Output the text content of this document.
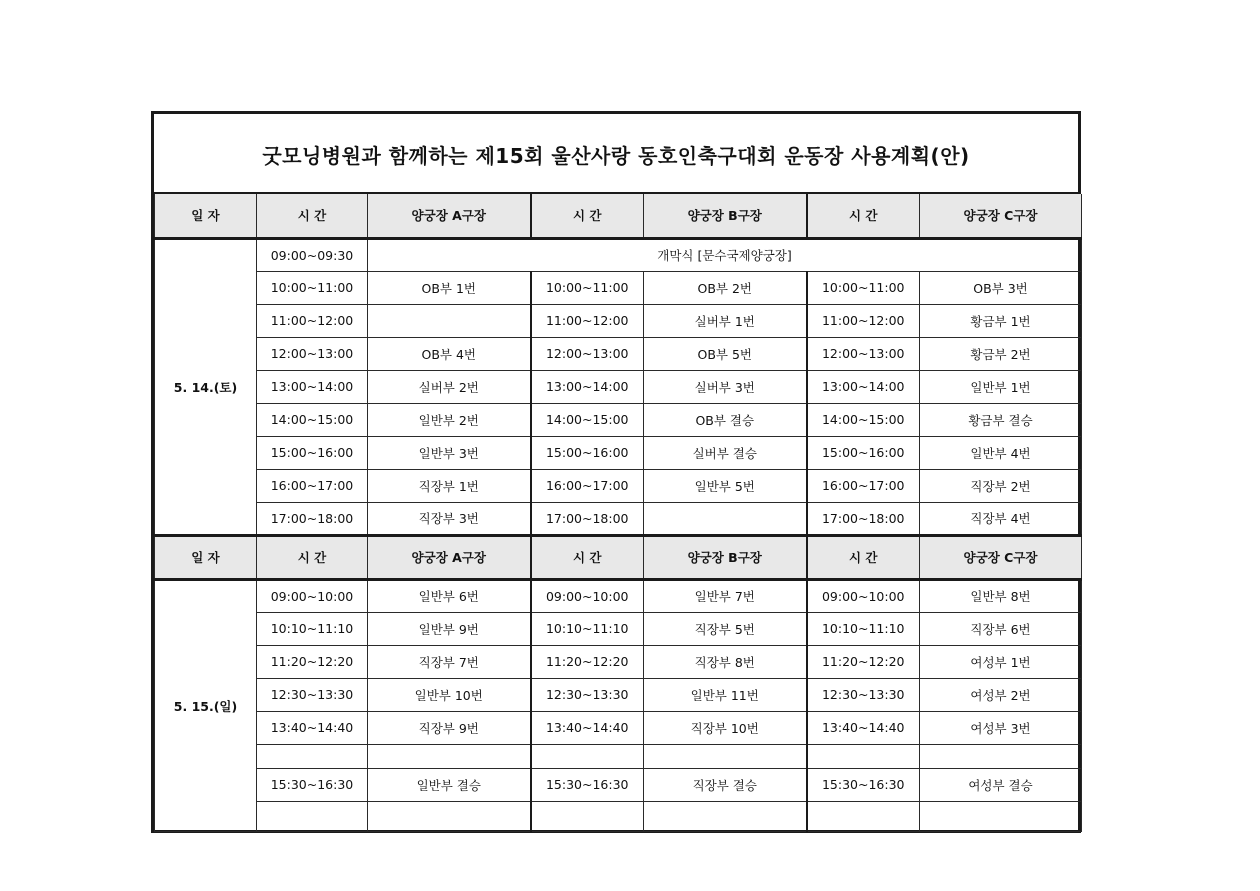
굿모닝병원과 함께하는 제15회 울산사랑 동호인축구대회 운동장 사용계획(안)
일 자	시 간	양궁장 A구장	시 간	양궁장 B구장	시 간	양궁장 C구장
5. 14.(토)	09:00~09:30	개막식 [문수국제양궁장]				
	10:00~11:00	OB부 1번	10:00~11:00	OB부 2번	10:00~11:00	OB부 3번
	11:00~12:00		11:00~12:00	실버부 1번	11:00~12:00	황금부 1번
	12:00~13:00	OB부 4번	12:00~13:00	OB부 5번	12:00~13:00	황금부 2번
	13:00~14:00	실버부 2번	13:00~14:00	실버부 3번	13:00~14:00	일반부 1번
	14:00~15:00	일반부 2번	14:00~15:00	OB부 결승	14:00~15:00	황금부 결승
	15:00~16:00	일반부 3번	15:00~16:00	실버부 결승	15:00~16:00	일반부 4번
	16:00~17:00	직장부 1번	16:00~17:00	일반부 5번	16:00~17:00	직장부 2번
	17:00~18:00	직장부 3번	17:00~18:00		17:00~18:00	직장부 4번
일 자	시 간	양궁장 A구장	시 간	양궁장 B구장	시 간	양궁장 C구장
5. 15.(일)	09:00~10:00	일반부 6번	09:00~10:00	일반부 7번	09:00~10:00	일반부 8번
	10:10~11:10	일반부 9번	10:10~11:10	직장부 5번	10:10~11:10	직장부 6번
	11:20~12:20	직장부 7번	11:20~12:20	직장부 8번	11:20~12:20	여성부 1번
	12:30~13:30	일반부 10번	12:30~13:30	일반부 11번	12:30~13:30	여성부 2번
	13:40~14:40	직장부 9번	13:40~14:40	직장부 10번	13:40~14:40	여성부 3번

	15:30~16:30	일반부 결승	15:30~16:30	직장부 결승	15:30~16:30	여성부 결승
